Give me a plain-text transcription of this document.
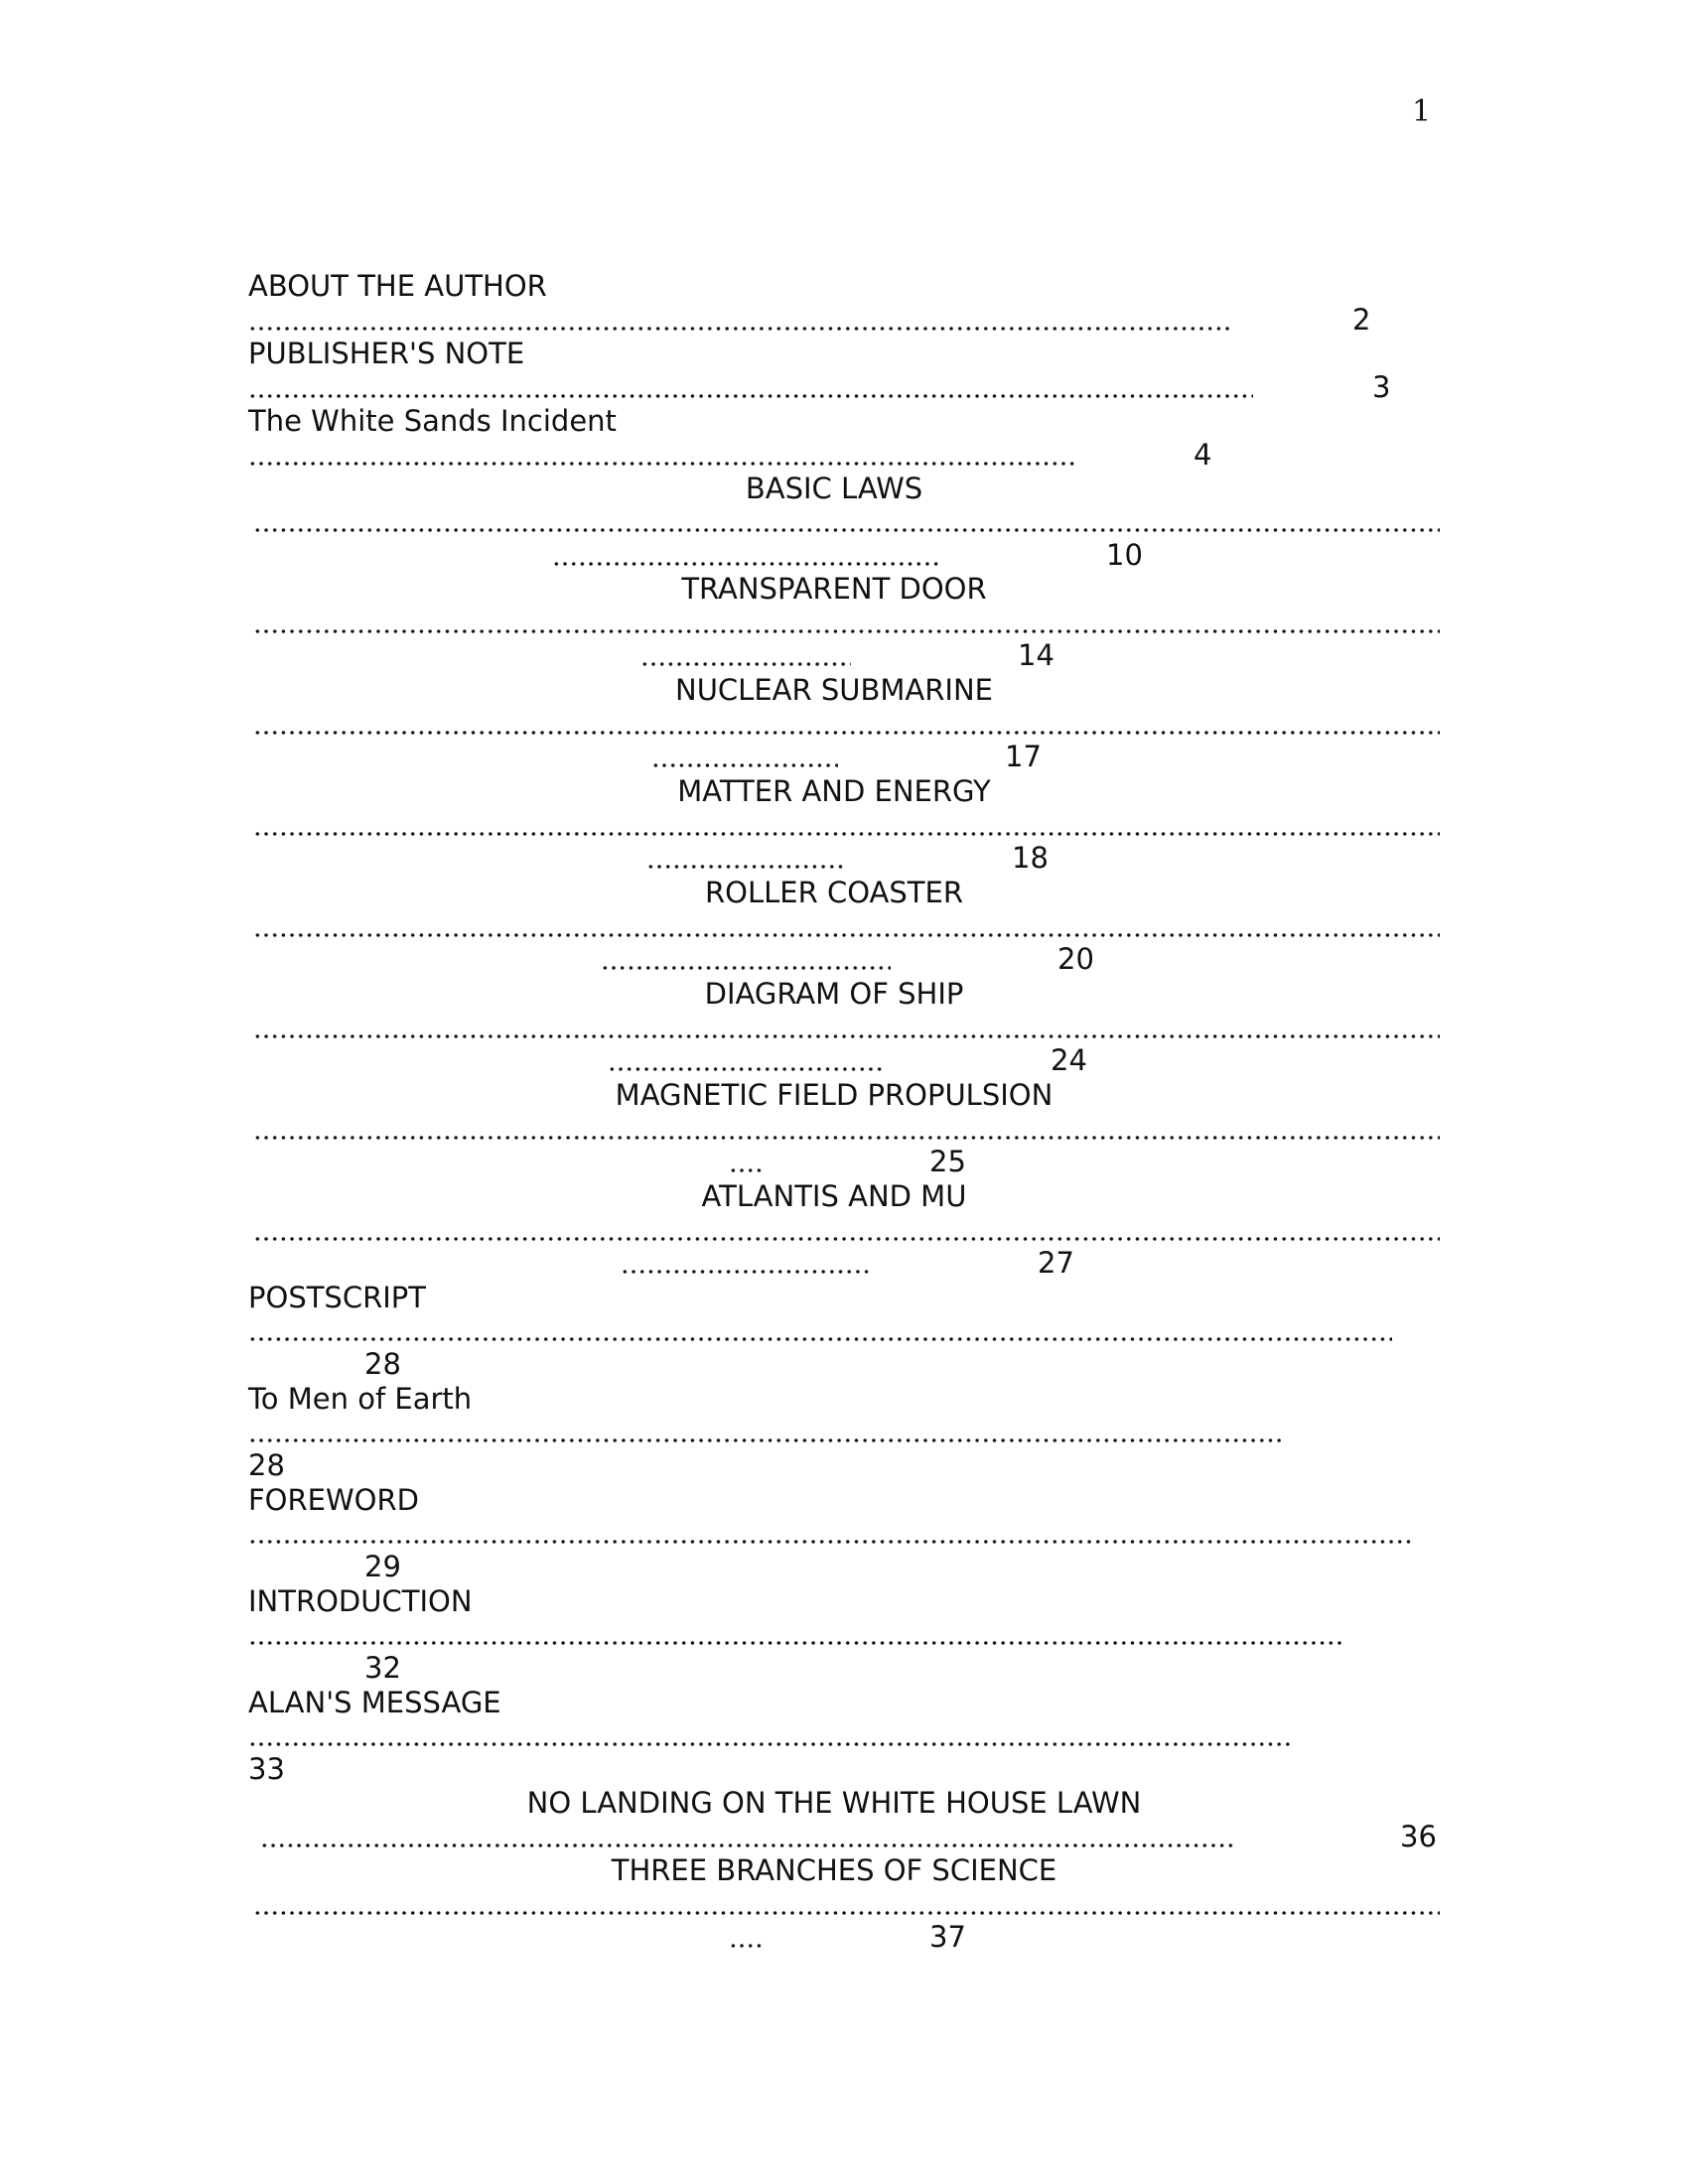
1
ABOUT THE AUTHOR
2
PUBLISHER'S NOTE
3
The White Sands Incident
4
BASIC LAWS
10
TRANSPARENT DOOR
14
NUCLEAR SUBMARINE
17
MATTER AND ENERGY
18
ROLLER COASTER
20
DIAGRAM OF SHIP
24
MAGNETIC FIELD PROPULSION
25
ATLANTIS AND MU
27
POSTSCRIPT
28
To Men of Earth
28
FOREWORD
29
INTRODUCTION
32
ALAN'S MESSAGE
33
NO LANDING ON THE WHITE HOUSE LAWN
36
THREE BRANCHES OF SCIENCE
37
